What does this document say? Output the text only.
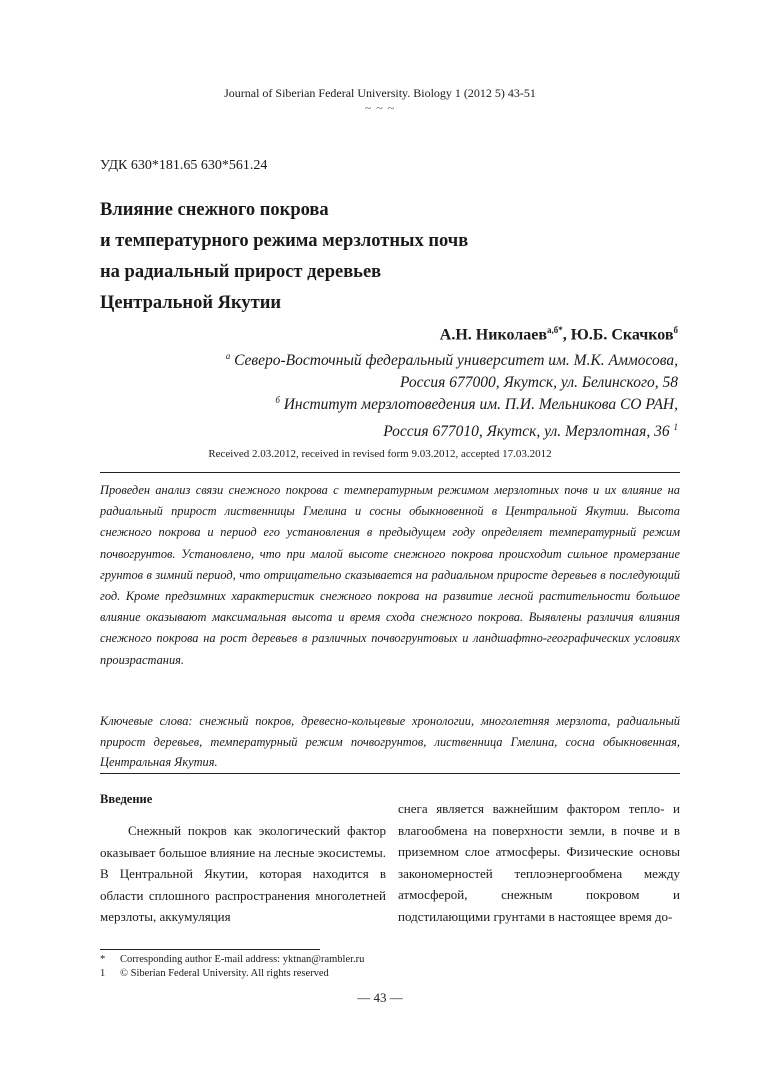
Journal of Siberian Federal University. Biology 1 (2012 5) 43-51
~ ~ ~
УДК 630*181.65 630*561.24
Влияние снежного покрова
и температурного режима мерзлотных почв
на радиальный прирост деревьев
Центральной Якутии
А.Н. Николаев$^{а,б*}$, Ю.Б. Скачков$^б$
$^а$ Северо-Восточный федеральный университет им. М.К. Аммосова,
Россия 677000, Якутск, ул. Белинского, 58
$^б$ Институт мерзлотоведения им. П.И. Мельникова СО РАН,
Россия 677010, Якутск, ул. Мерзлотная, 36 $^1$
Received 2.03.2012, received in revised form 9.03.2012, accepted 17.03.2012
Проведен анализ связи снежного покрова с температурным режимом мерзлотных почв и их влияние на радиальный прирост лиственницы Гмелина и сосны обыкновенной в Центральной Якутии. Высота снежного покрова и период его установления в предыдущем году определяет температурный режим почвогрунтов. Установлено, что при малой высоте снежного покрова происходит сильное промерзание грунтов в зимний период, что отрицательно сказывается на радиальном приросте деревьев в последующий год. Кроме предзимних характеристик снежного покрова на развитие лесной растительности большое влияние оказывают максимальная высота и время схода снежного покрова. Выявлены различия влияния снежного покрова на рост деревьев в различных почвогрунтовых и ландшафтно-географических условиях произрастания.
Ключевые слова: снежный покров, древесно-кольцевые хронологии, многолетняя мерзлота, радиальный прирост деревьев, температурный режим почвогрунтов, лиственница Гмелина, сосна обыкновенная, Центральная Якутия.
Введение
Снежный покров как экологический фактор оказывает большое влияние на лесные экосистемы. В Центральной Якутии, которая находится в области сплошного распространения многолетней мерзлоты, аккумуляция
снега является важнейшим фактором тепло- и влагообмена на поверхности земли, в почве и в приземном слое атмосферы. Физические основы закономерностей теплоэнергообмена между атмосферой, снежным покровом и подстилающими грунтами в настоящее время до-
* Corresponding author E-mail address: yktnan@rambler.ru
1 © Siberian Federal University. All rights reserved
— 43 —
